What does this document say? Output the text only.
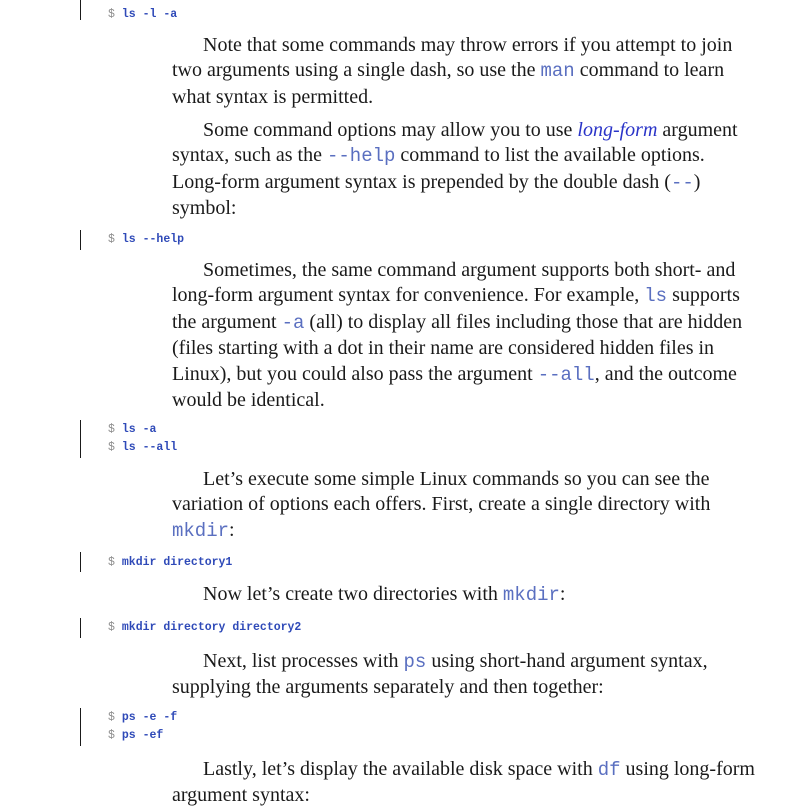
$ ls -l -a

Note that some commands may throw errors if you attempt to join two arguments using a single dash, so use the man command to learn what syntax is permitted.

Some command options may allow you to use long-form argument syntax, such as the --help command to list the available options. Long-form argument syntax is prepended by the double dash (--) symbol:

$ ls --help

Sometimes, the same command argument supports both short- and long-form argument syntax for convenience. For example, ls supports the argument -a (all) to display all files including those that are hidden (files starting with a dot in their name are considered hidden files in Linux), but you could also pass the argument --all, and the outcome would be identical.

$ ls -a
$ ls --all

Let’s execute some simple Linux commands so you can see the variation of options each offers. First, create a single directory with mkdir:

$ mkdir directory1

Now let’s create two directories with mkdir:

$ mkdir directory directory2

Next, list processes with ps using short-hand argument syntax, supplying the arguments separately and then together:

$ ps -e -f
$ ps -ef

Lastly, let’s display the available disk space with df using long-form argument syntax:
